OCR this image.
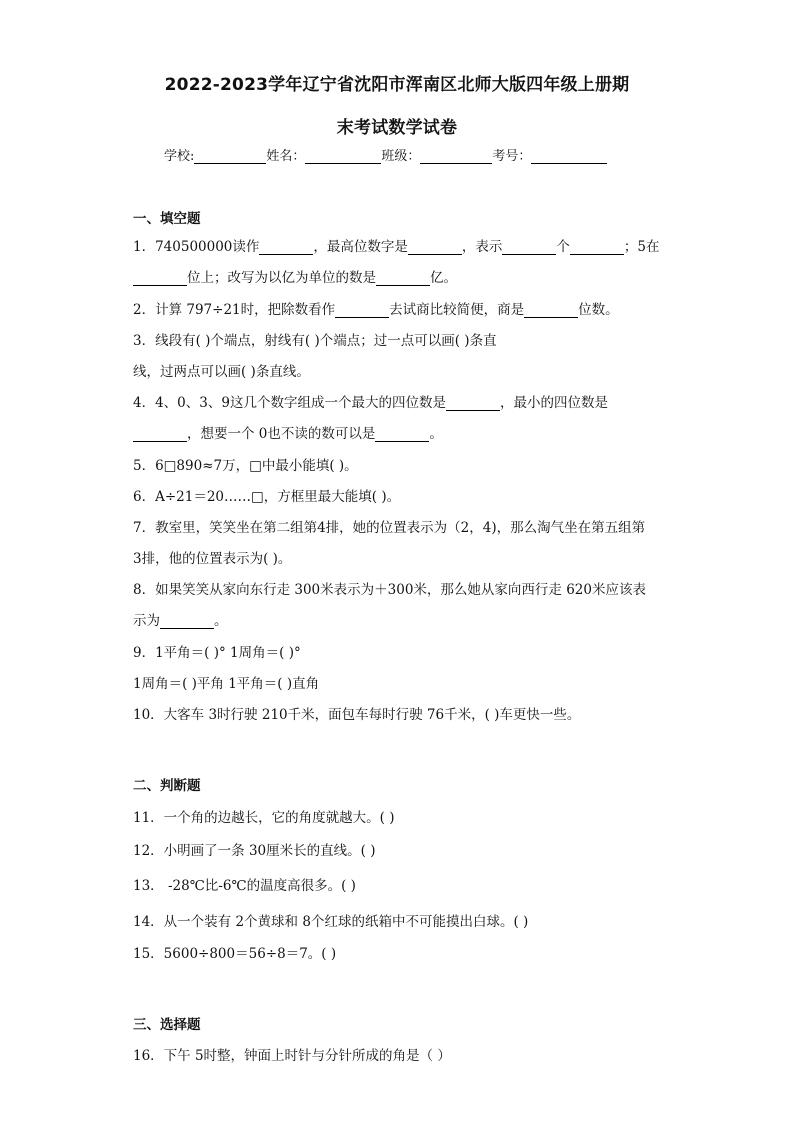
2022-2023学年辽宁省沈阳市浑南区北师大版四年级上册期
末考试数学试卷
学校:	姓名：	班级：	考号：
一、填空题
1．740500000读作	，最高位数字是	，表示	个	；5在
位上；改写为以亿为单位的数是	亿。
2．计算 797÷21时，把除数看作	去试商比较简便，商是	位数。
3．线段有( )个端点，射线有( )个端点；过一点可以画( )条直
线，过两点可以画( )条直线。
4．4、0、3、9这几个数字组成一个最大的四位数是	，最小的四位数是
，想要一个 0也不读的数可以是	。
5．6□890≈7万，□中最小能填( )。
6．A÷21＝20……□，方框里最大能填( )。
7．教室里，笑笑坐在第二组第4排，她的位置表示为（2，4)，那么淘气坐在第五组第
3排，他的位置表示为( )。
8．如果笑笑从家向东行走 300米表示为＋300米，那么她从家向西行走 620米应该表
示为	。
9．1平角＝( )° 1周角＝( )°
1周角＝( )平角 1平角＝( )直角
10．大客车 3时行驶 210千米，面包车每时行驶 76千米，( )车更快一些。
二、判断题
11．一个角的边越长，它的角度就越大。( )
12．小明画了一条 30厘米长的直线。( )
13． -28℃比-6℃的温度高很多。( )
14．从一个装有 2个黄球和 8个红球的纸箱中不可能摸出白球。( )
15．5600÷800＝56÷8＝7。( )
三、选择题
16．下午 5时整，钟面上时针与分针所成的角是（ ）
